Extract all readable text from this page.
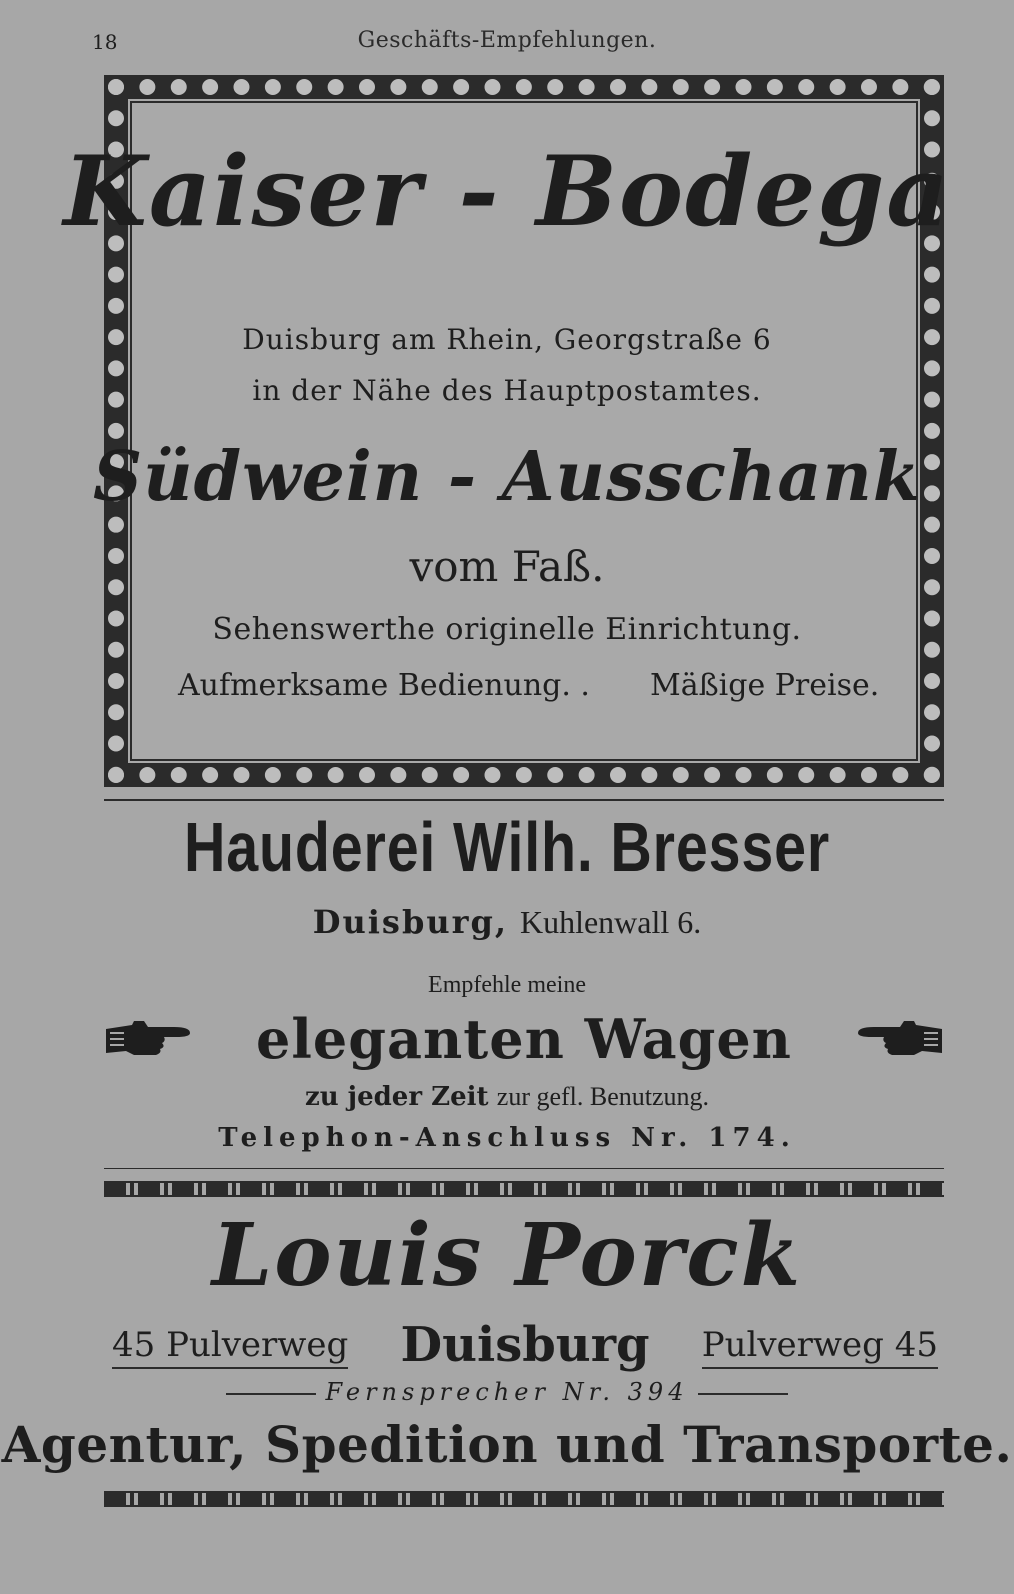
18	Geschäfts-Empfehlungen.
Kaiser - Bodega
Duisburg am Rhein, Georgstraße 6
in der Nähe des Hauptpostamtes.
Südwein - Ausschank
vom Faß.
Sehenswerthe originelle Einrichtung.
Aufmerksame Bedienung. . Mäßige Preise.
Hauderei Wilh. Bresser
Duisburg, Kuhlenwall 6.
Empfehle meine
eleganten Wagen
zu jeder Zeit zur gefl. Benutzung.
Telephon-Anschluss Nr. 174.
Louis Porck
45 Pulverweg	Duisburg	Pulverweg 45
Fernsprecher Nr. 394
Agentur, Spedition und Transporte.
